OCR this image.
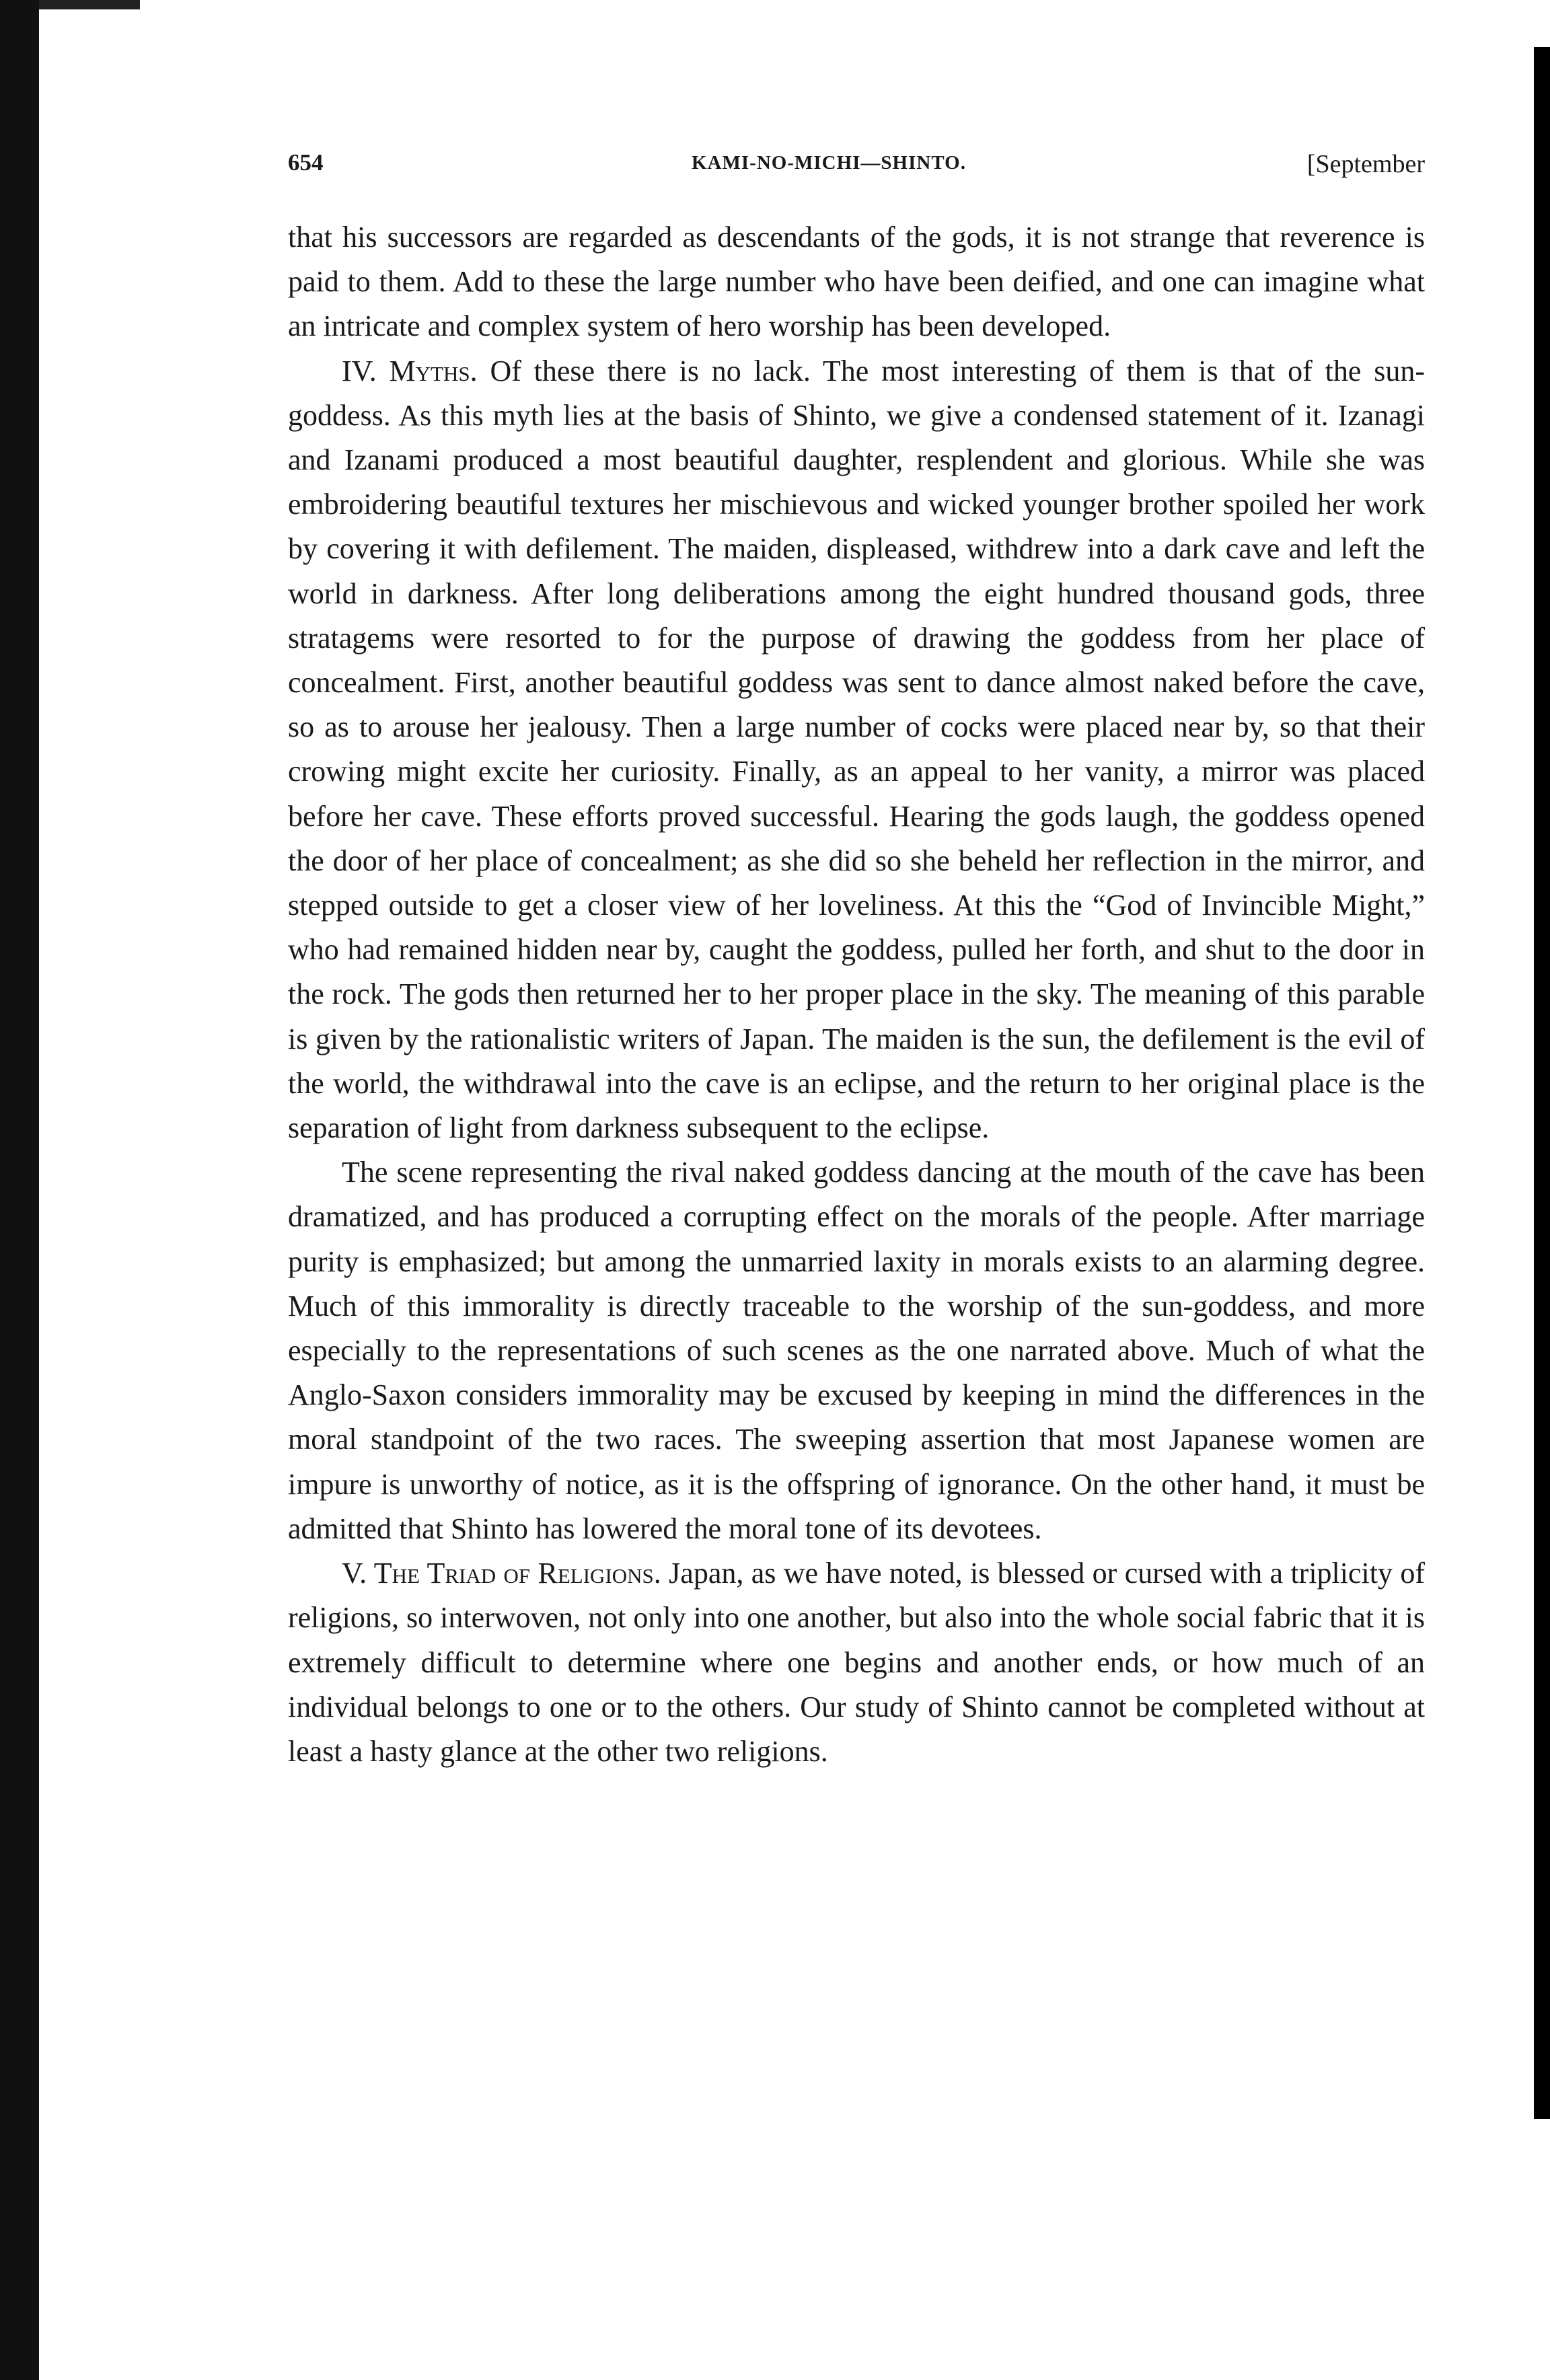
654	KAMI-NO-MICHI—SHINTO.	[September

that his successors are regarded as descendants of the gods, it is not strange that reverence is paid to them. Add to these the large number who have been deified, and one can imagine what an intricate and complex system of hero worship has been developed.

IV. Myths. Of these there is no lack. The most interesting of them is that of the sun-goddess. As this myth lies at the basis of Shinto, we give a condensed statement of it. Izanagi and Izanami produced a most beautiful daughter, resplendent and glorious. While she was embroidering beautiful textures her mischievous and wicked younger brother spoiled her work by covering it with defilement. The maiden, displeased, withdrew into a dark cave and left the world in darkness. After long deliberations among the eight hundred thousand gods, three stratagems were resorted to for the purpose of drawing the goddess from her place of concealment. First, another beautiful goddess was sent to dance almost naked before the cave, so as to arouse her jealousy. Then a large number of cocks were placed near by, so that their crowing might excite her curiosity. Finally, as an appeal to her vanity, a mirror was placed before her cave. These efforts proved successful. Hearing the gods laugh, the goddess opened the door of her place of concealment; as she did so she beheld her reflection in the mirror, and stepped outside to get a closer view of her loveliness. At this the “God of Invincible Might,” who had remained hidden near by, caught the goddess, pulled her forth, and shut to the door in the rock. The gods then returned her to her proper place in the sky. The meaning of this parable is given by the rationalistic writers of Japan. The maiden is the sun, the defilement is the evil of the world, the withdrawal into the cave is an eclipse, and the return to her original place is the separation of light from darkness subsequent to the eclipse.

The scene representing the rival naked goddess dancing at the mouth of the cave has been dramatized, and has produced a corrupting effect on the morals of the people. After marriage purity is emphasized; but among the unmarried laxity in morals exists to an alarming degree. Much of this immorality is directly traceable to the worship of the sun-goddess, and more especially to the representations of such scenes as the one narrated above. Much of what the Anglo-Saxon considers immorality may be excused by keeping in mind the differences in the moral standpoint of the two races. The sweeping assertion that most Japanese women are impure is unworthy of notice, as it is the offspring of ignorance. On the other hand, it must be admitted that Shinto has lowered the moral tone of its devotees.

V. The Triad of Religions. Japan, as we have noted, is blessed or cursed with a triplicity of religions, so interwoven, not only into one another, but also into the whole social fabric that it is extremely difficult to determine where one begins and another ends, or how much of an individual belongs to one or to the others. Our study of Shinto cannot be completed without at least a hasty glance at the other two religions.
